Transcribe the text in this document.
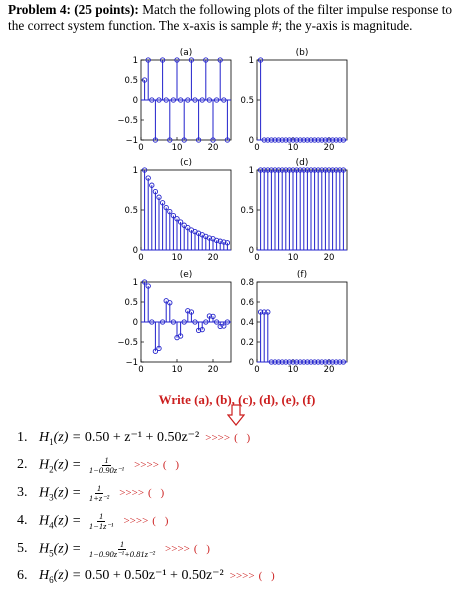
Problem 4: (25 points): Match the following plots of the filter impulse response to the correct system function. The x-axis is sample #; the y-axis is magnitude.
(a)
1
0.5
0
−0.5
−1
0	10	20
(b)
1
0.5
0
0	10	20
(c)
1
0.5
0
0	10	20
(d)
1
0.5
0
0	10	20
(e)
1
0.5
0
−0.5
−1
0	10	20
(f)
0.8
0.6
0.4
0.2
0
0	10	20
Write (a), (b), (c), (d), (e), (f)
1. $H_1(z) = 0.50 + z^{-1} + 0.50z^{-2}$ >>>> ( )
2. $H_2(z) = \frac{1}{\text{1−0.90z⁻¹}}$ >>>> ( )
3. $H_3(z) = \frac{1}{\text{1+z⁻²}}$ >>>> ( )
4. $H_4(z) = \frac{1}{\text{1−1z⁻¹}}$ >>>> ( )
5. $H_5(z) = \frac{1}{\text{1−0.90z⁻¹+0.81z⁻²}}$ >>>> ( )
6. $H_6(z) = 0.50 + 0.50z^{-1} + 0.50z^{-2}$ >>>> ( )
